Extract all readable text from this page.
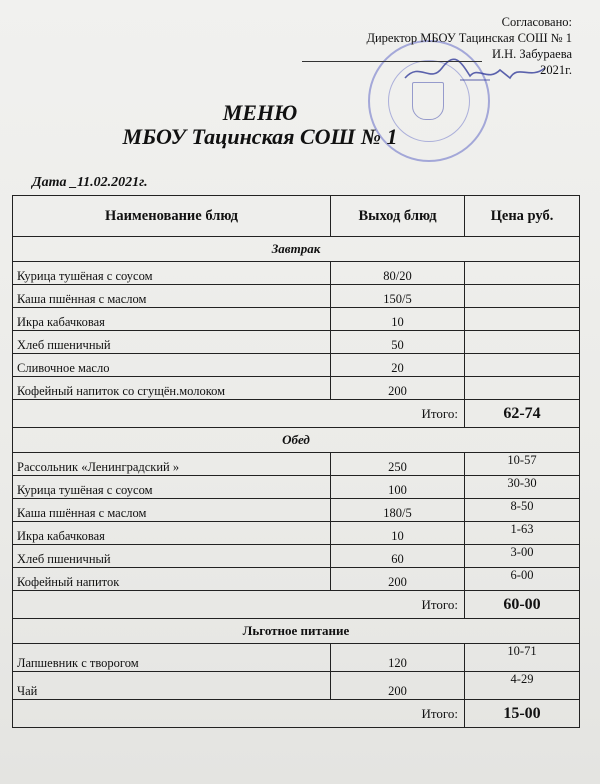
Согласовано:
Директор МБОУ Тацинская СОШ № 1
И.Н. Забураева
2021г.
МЕНЮ
МБОУ Тацинская СОШ № 1
Дата _11.02.2021г.
Наименование блюд	Выход блюд	Цена руб.
Завтрак		
Курица тушёная с соусом	80/20	
Каша пшённая с маслом	150/5	
Икра кабачковая	10	
Хлеб пшеничный	50	
Сливочное масло	20	
Кофейный напиток со сгущён.молоком	200	
Итого:		62-74
Обед		
Рассольник «Ленинградский »	250	10-57
Курица тушёная с соусом	100	30-30
Каша пшённая с маслом	180/5	8-50
Икра кабачковая	10	1-63
Хлеб пшеничный	60	3-00
Кофейный напиток	200	6-00
Итого:		60-00
Льготное питание		
Лапшевник с творогом	120	10-71
Чай	200	4-29
Итого:		15-00
